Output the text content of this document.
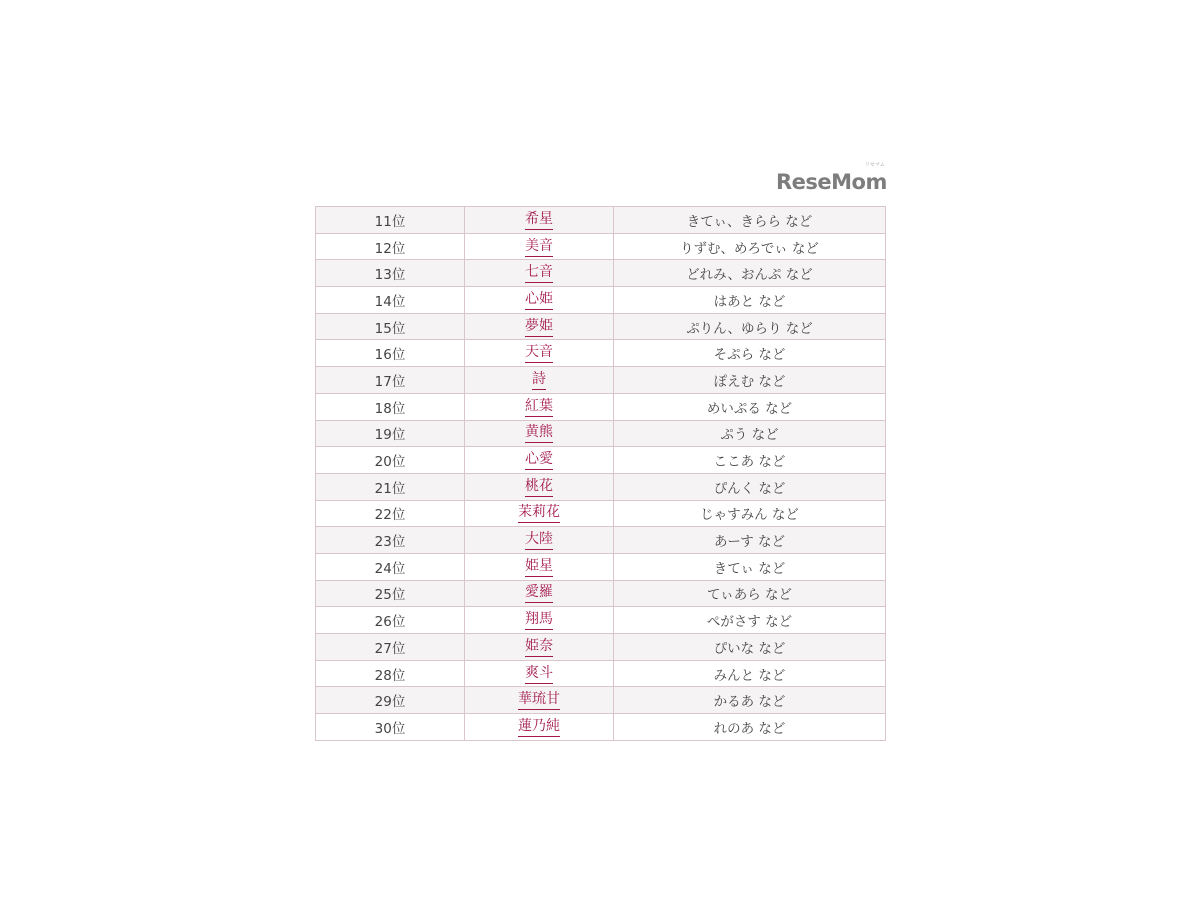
ReseMom
リセマム
11位	希星	きてぃ、きらら など
12位	美音	りずむ、めろでぃ など
13位	七音	どれみ、おんぷ など
14位	心姫	はあと など
15位	夢姫	ぷりん、ゆらり など
16位	天音	そぷら など
17位	詩	ぽえむ など
18位	紅葉	めいぷる など
19位	黄熊	ぷう など
20位	心愛	ここあ など
21位	桃花	ぴんく など
22位	茉莉花	じゃすみん など
23位	大陸	あーす など
24位	姫星	きてぃ など
25位	愛羅	てぃあら など
26位	翔馬	ぺがさす など
27位	姫奈	ぴいな など
28位	爽斗	みんと など
29位	華琉甘	かるあ など
30位	蓮乃純	れのあ など
